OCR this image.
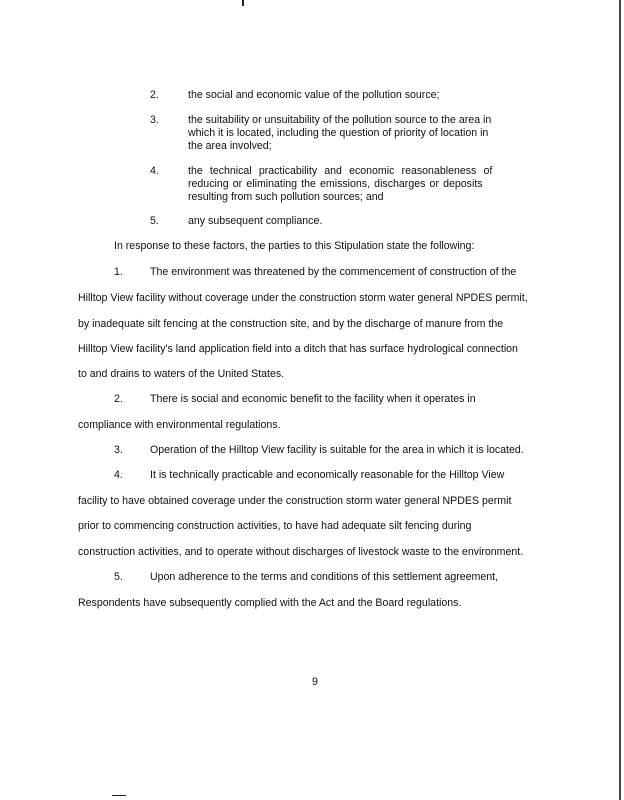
2.	the social and economic value of the pollution source;
3.	the suitability or unsuitability of the pollution source to the area in
which it is located, including the question of priority of location in
the area involved;
4.	the technical practicability and economic reasonableness of
reducing or eliminating the emissions, discharges or deposits
resulting from such pollution sources; and
5.	any subsequent compliance.
In response to these factors, the parties to this Stipulation state the following:
1.	The environment was threatened by the commencement of construction of the
Hilltop View facility without coverage under the construction storm water general NPDES permit,
by inadequate silt fencing at the construction site, and by the discharge of manure from the
Hilltop View facility's land application field into a ditch that has surface hydrological connection
to and drains to waters of the United States.
2.	There is social and economic benefit to the facility when it operates in
compliance with environmental regulations.
3.	Operation of the Hilltop View facility is suitable for the area in which it is located.
4.	It is technically practicable and economically reasonable for the Hilltop View
facility to have obtained coverage under the construction storm water general NPDES permit
prior to commencing construction activities, to have had adequate silt fencing during
construction activities, and to operate without discharges of livestock waste to the environment.
5.	Upon adherence to the terms and conditions of this settlement agreement,
Respondents have subsequently complied with the Act and the Board regulations.
9
